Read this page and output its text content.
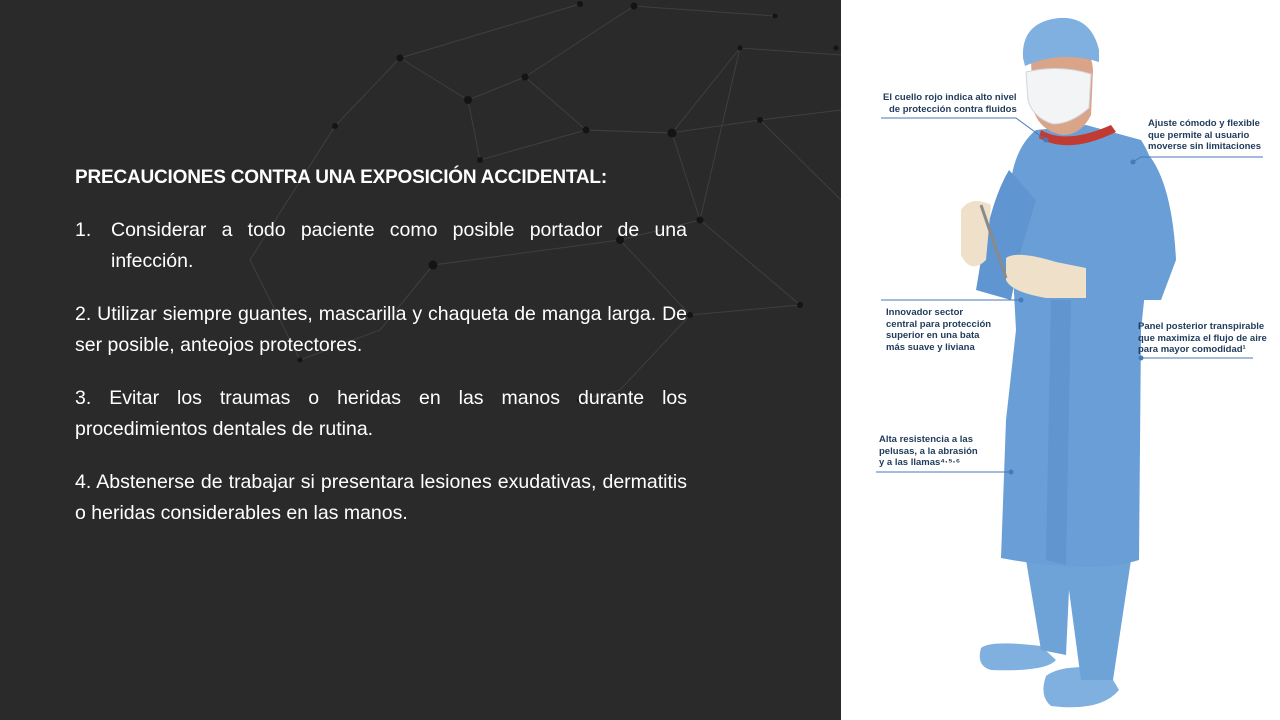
PRECAUCIONES CONTRA UNA EXPOSICIÓN ACCIDENTAL:

1.	Considerar a todo paciente como posible portador de una infección.

2. Utilizar siempre guantes, mascarilla y chaqueta de manga larga. De ser posible, anteojos protectores.

3. Evitar los traumas o heridas en las manos durante los procedimientos dentales de rutina.

4. Abstenerse de trabajar si presentara lesiones exudativas, dermatitis o heridas considerables en las manos.

El cuello rojo indica alto nivel
de protección contra fluidos
Ajuste cómodo y flexible
que permite al usuario
moverse sin limitaciones
Innovador sector
central para protección
superior en una bata
más suave y liviana
Panel posterior transpirable
que maximiza el flujo de aire
para mayor comodidad¹
Alta resistencia a las
pelusas, a la abrasión
y a las llamas⁴·⁵·⁶
